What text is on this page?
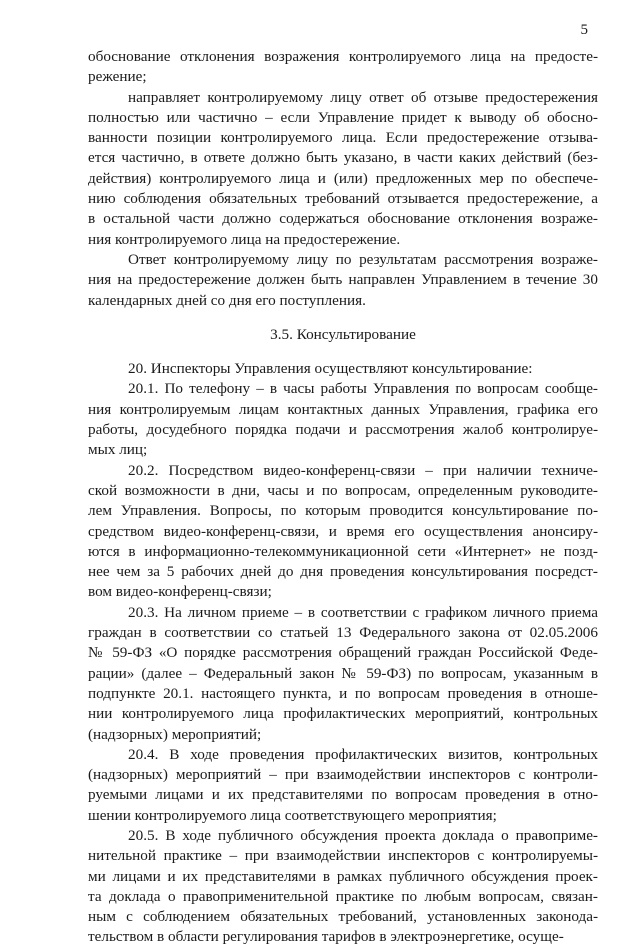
5
обоснование отклонения возражения контролируемого лица на предосте-
режение;
направляет контролируемому лицу ответ об отзыве предостережения
полностью или частично – если Управление придет к выводу об обосно-
ванности позиции контролируемого лица. Если предостережение отзыва-
ется частично, в ответе должно быть указано, в части каких действий (без-
действия) контролируемого лица и (или) предложенных мер по обеспече-
нию соблюдения обязательных требований отзывается предостережение, а
в остальной части должно содержаться обоснование отклонения возраже-
ния контролируемого лица на предостережение.
Ответ контролируемому лицу по результатам рассмотрения возраже-
ния на предостережение должен быть направлен Управлением в течение 30
календарных дней со дня его поступления.
3.5. Консультирование
20. Инспекторы Управления осуществляют консультирование:
20.1. По телефону – в часы работы Управления по вопросам сообще-
ния контролируемым лицам контактных данных Управления, графика его
работы, досудебного порядка подачи и рассмотрения жалоб контролируе-
мых лиц;
20.2. Посредством видео-конференц-связи – при наличии техниче-
ской возможности в дни, часы и по вопросам, определенным руководите-
лем Управления. Вопросы, по которым проводится консультирование по-
средством видео-конференц-связи, и время его осуществления анонсиру-
ются в информационно-телекоммуникационной сети «Интернет» не позд-
нее чем за 5 рабочих дней до дня проведения консультирования посредст-
вом видео-конференц-связи;
20.3. На личном приеме – в соответствии с графиком личного приема
граждан в соответствии со статьей 13 Федерального закона от 02.05.2006
№ 59-ФЗ «О порядке рассмотрения обращений граждан Российской Феде-
рации» (далее – Федеральный закон № 59-ФЗ) по вопросам, указанным в
подпункте 20.1. настоящего пункта, и по вопросам проведения в отноше-
нии контролируемого лица профилактических мероприятий, контрольных
(надзорных) мероприятий;
20.4. В ходе проведения профилактических визитов, контрольных
(надзорных) мероприятий – при взаимодействии инспекторов с контроли-
руемыми лицами и их представителями по вопросам проведения в отно-
шении контролируемого лица соответствующего мероприятия;
20.5. В ходе публичного обсуждения проекта доклада о правоприме-
нительной практике – при взаимодействии инспекторов с контролируемы-
ми лицами и их представителями в рамках публичного обсуждения проек-
та доклада о правоприменительной практике по любым вопросам, связан-
ным с соблюдением обязательных требований, установленных законода-
тельством в области регулирования тарифов в электроэнергетике, осуще-
